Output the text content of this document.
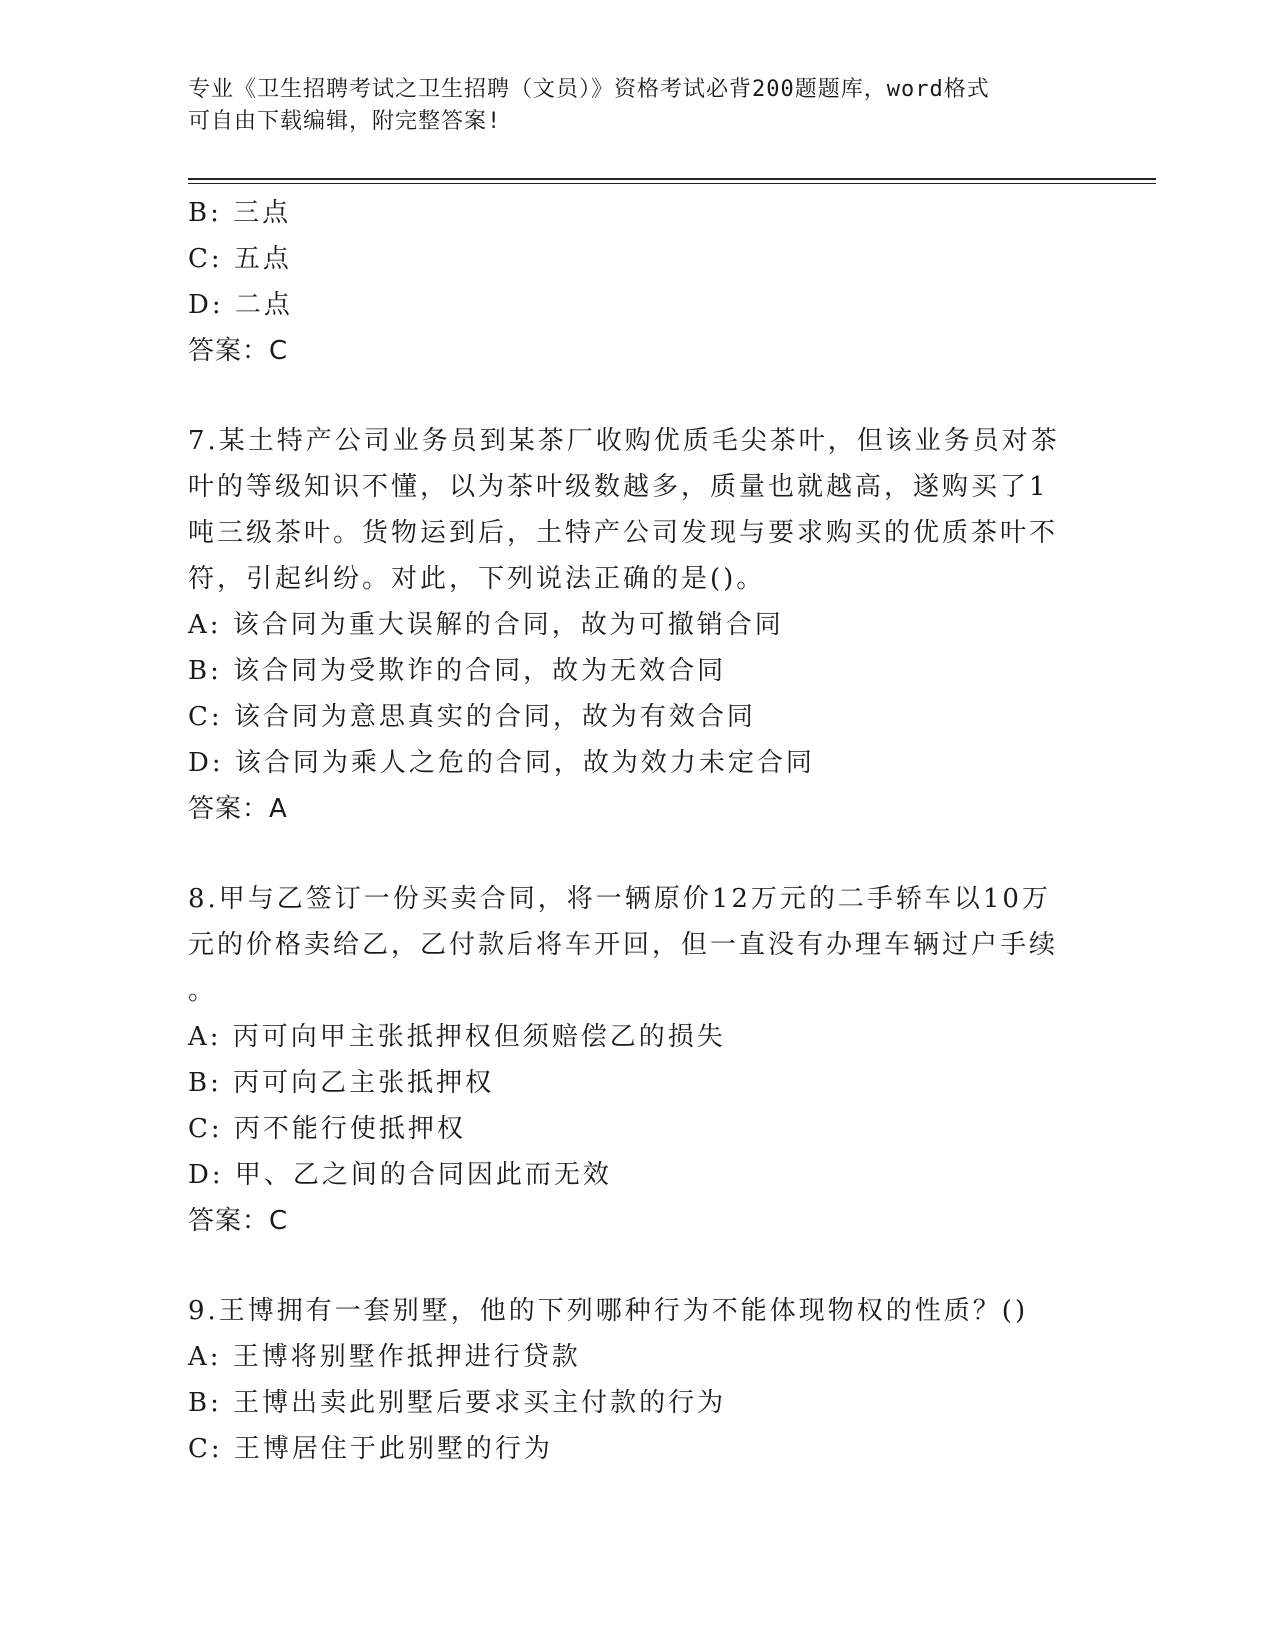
专业《卫生招聘考试之卫生招聘（文员）》资格考试必背200题题库，word格式
可自由下载编辑，附完整答案!
B: 三点
C: 五点
D: 二点
答案：C
7.某土特产公司业务员到某茶厂收购优质毛尖茶叶，但该业务员对茶
叶的等级知识不懂，以为茶叶级数越多，质量也就越高，遂购买了1
吨三级茶叶。货物运到后，土特产公司发现与要求购买的优质茶叶不
符，引起纠纷。对此，下列说法正确的是()。
A: 该合同为重大误解的合同，故为可撤销合同
B: 该合同为受欺诈的合同，故为无效合同
C: 该合同为意思真实的合同，故为有效合同
D: 该合同为乘人之危的合同，故为效力未定合同
答案：A
8.甲与乙签订一份买卖合同，将一辆原价12万元的二手轿车以10万
元的价格卖给乙，乙付款后将车开回，但一直没有办理车辆过户手续
。
A: 丙可向甲主张抵押权但须赔偿乙的损失
B: 丙可向乙主张抵押权
C: 丙不能行使抵押权
D: 甲、乙之间的合同因此而无效
答案：C
9.王博拥有一套别墅，他的下列哪种行为不能体现物权的性质？()
A: 王博将别墅作抵押进行贷款
B: 王博出卖此别墅后要求买主付款的行为
C: 王博居住于此别墅的行为
